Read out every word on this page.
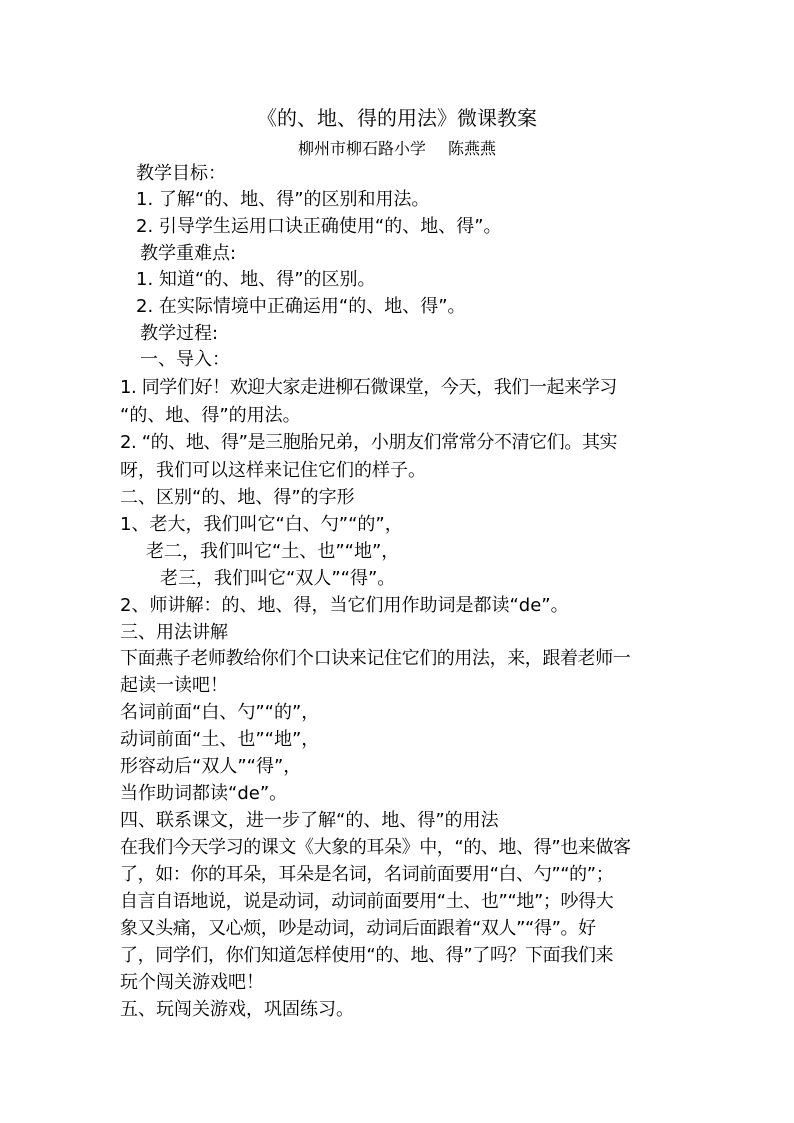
《的、地、得的用法》微课教案
柳州市柳石路小学 陈燕燕
教学目标：
1. 了解“的、地、得”的区别和用法。
2. 引导学生运用口诀正确使用“的、地、得”。
教学重难点:
1. 知道“的、地、得”的区别。
2. 在实际情境中正确运用“的、地、得”。
教学过程:
一、导入：
1. 同学们好！欢迎大家走进柳石微课堂，今天，我们一起来学习
“的、地、得”的用法。
2. “的、地、得”是三胞胎兄弟，小朋友们常常分不清它们。其实
呀，我们可以这样来记住它们的样子。
二、区别“的、地、得”的字形
1、老大，我们叫它“白、勺”“的”，
老二，我们叫它“土、也”“地”，
老三，我们叫它“双人”“得”。
2、师讲解：的、地、得，当它们用作助词是都读“de”。
三、用法讲解
下面燕子老师教给你们个口诀来记住它们的用法，来，跟着老师一
起读一读吧！
名词前面“白、勺”“的”，
动词前面“土、也”“地”，
形容动后“双人”“得”，
当作助词都读“de”。
四、联系课文，进一步了解“的、地、得”的用法
在我们今天学习的课文《大象的耳朵》中，“的、地、得”也来做客
了，如：你的耳朵，耳朵是名词，名词前面要用“白、勺”“的”；
自言自语地说，说是动词，动词前面要用“土、也”“地”；吵得大
象又头痛，又心烦，吵是动词，动词后面跟着“双人”“得”。好
了，同学们，你们知道怎样使用“的、地、得”了吗？下面我们来
玩个闯关游戏吧！
五、玩闯关游戏，巩固练习。
